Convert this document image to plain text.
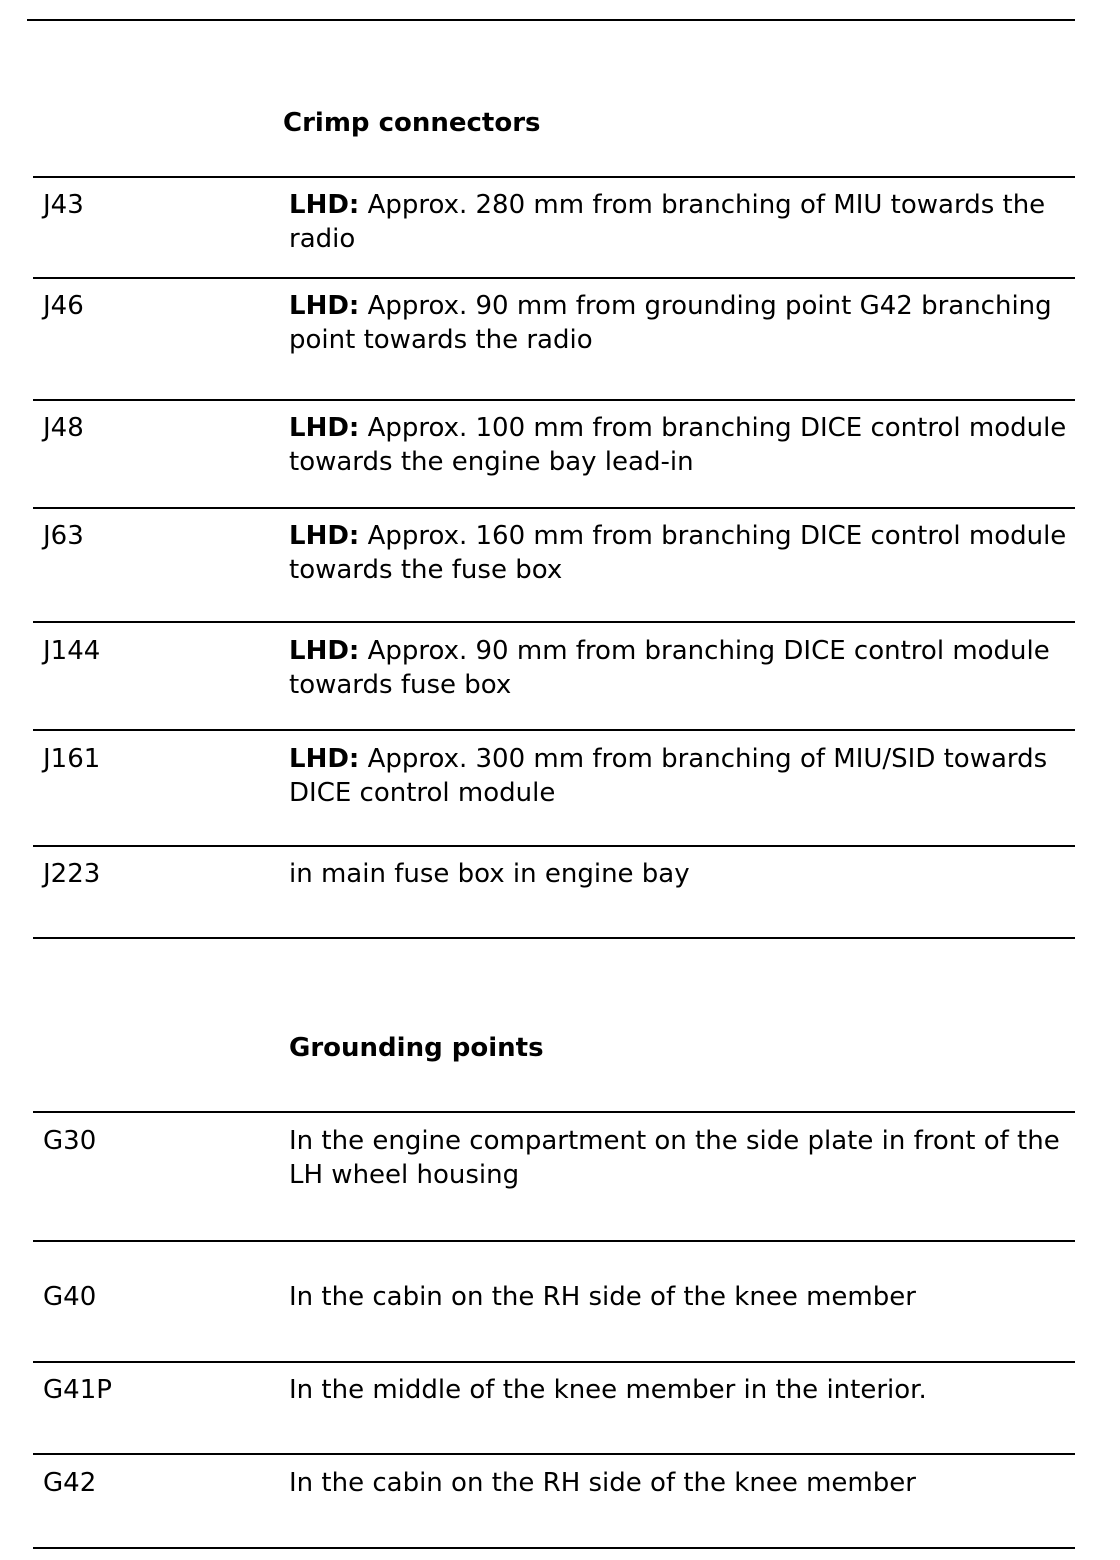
Crimp connectors
J43	LHD: Approx. 280 mm from branching of MIU towards the radio
J46	LHD: Approx. 90 mm from grounding point G42 branching point towards the radio
J48	LHD: Approx. 100 mm from branching DICE control module towards the engine bay lead-in
J63	LHD: Approx. 160 mm from branching DICE control module towards the fuse box
J144	LHD: Approx. 90 mm from branching DICE control module towards fuse box
J161	LHD: Approx. 300 mm from branching of MIU/SID towards DICE control module
J223	in main fuse box in engine bay
Grounding points
G30	In the engine compartment on the side plate in front of the LH wheel housing
G40	In the cabin on the RH side of the knee member
G41P	In the middle of the knee member in the interior.
G42	In the cabin on the RH side of the knee member
